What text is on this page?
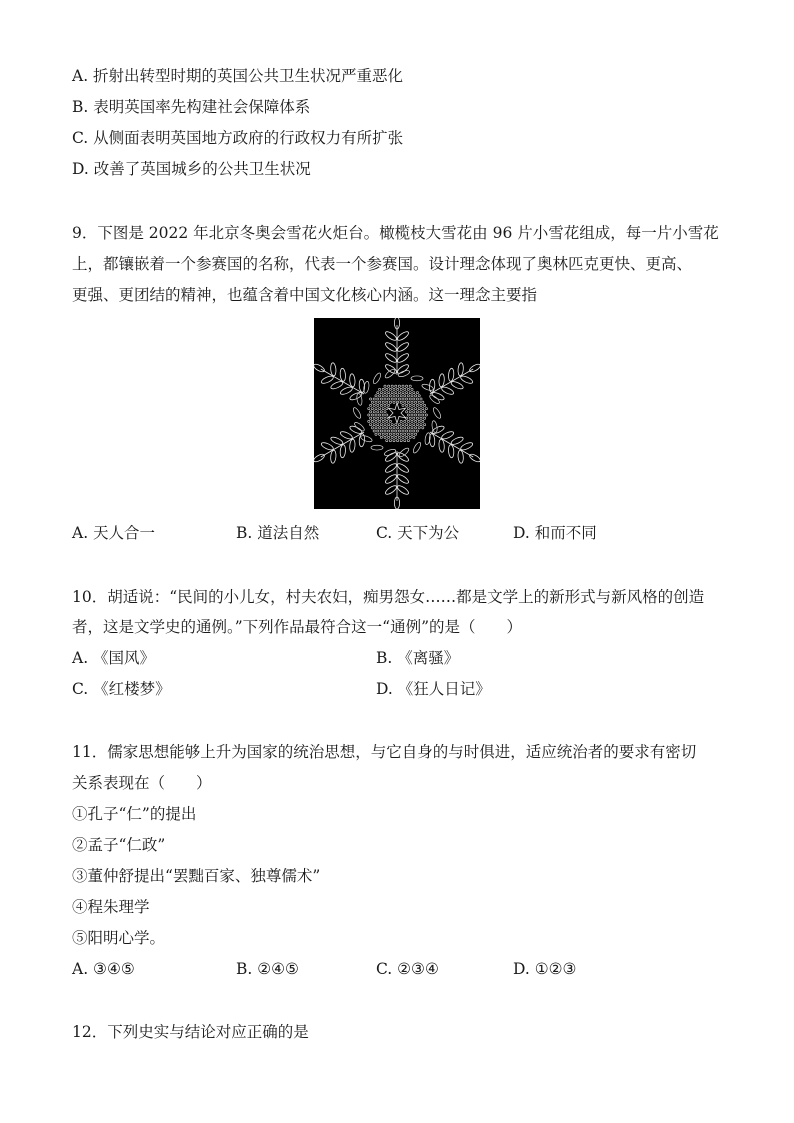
A. 折射出转型时期的英国公共卫生状况严重恶化
B. 表明英国率先构建社会保障体系
C. 从侧面表明英国地方政府的行政权力有所扩张
D. 改善了英国城乡的公共卫生状况
9．下图是 2022 年北京冬奥会雪花火炬台。橄榄枝大雪花由 96 片小雪花组成，每一片小雪花
上，都镶嵌着一个参赛国的名称，代表一个参赛国。设计理念体现了奥林匹克更快、更高、
更强、更团结的精神，也蕴含着中国文化核心内涵。这一理念主要指
A. 天人合一	B. 道法自然	C. 天下为公	D. 和而不同
10．胡适说：“民间的小儿女，村夫农妇，痴男怨女……都是文学上的新形式与新风格的创造
者，这是文学史的通例。”下列作品最符合这一“通例”的是（　　）
A. 《国风》	B. 《离骚》
C. 《红楼梦》	D. 《狂人日记》
11．儒家思想能够上升为国家的统治思想，与它自身的与时俱进，适应统治者的要求有密切
关系表现在（　　）
①孔子“仁”的提出
②孟子“仁政”
③董仲舒提出“罢黜百家、独尊儒术”
④程朱理学
⑤阳明心学。
A. ③④⑤	B. ②④⑤	C. ②③④	D. ①②③
12．下列史实与结论对应正确的是
